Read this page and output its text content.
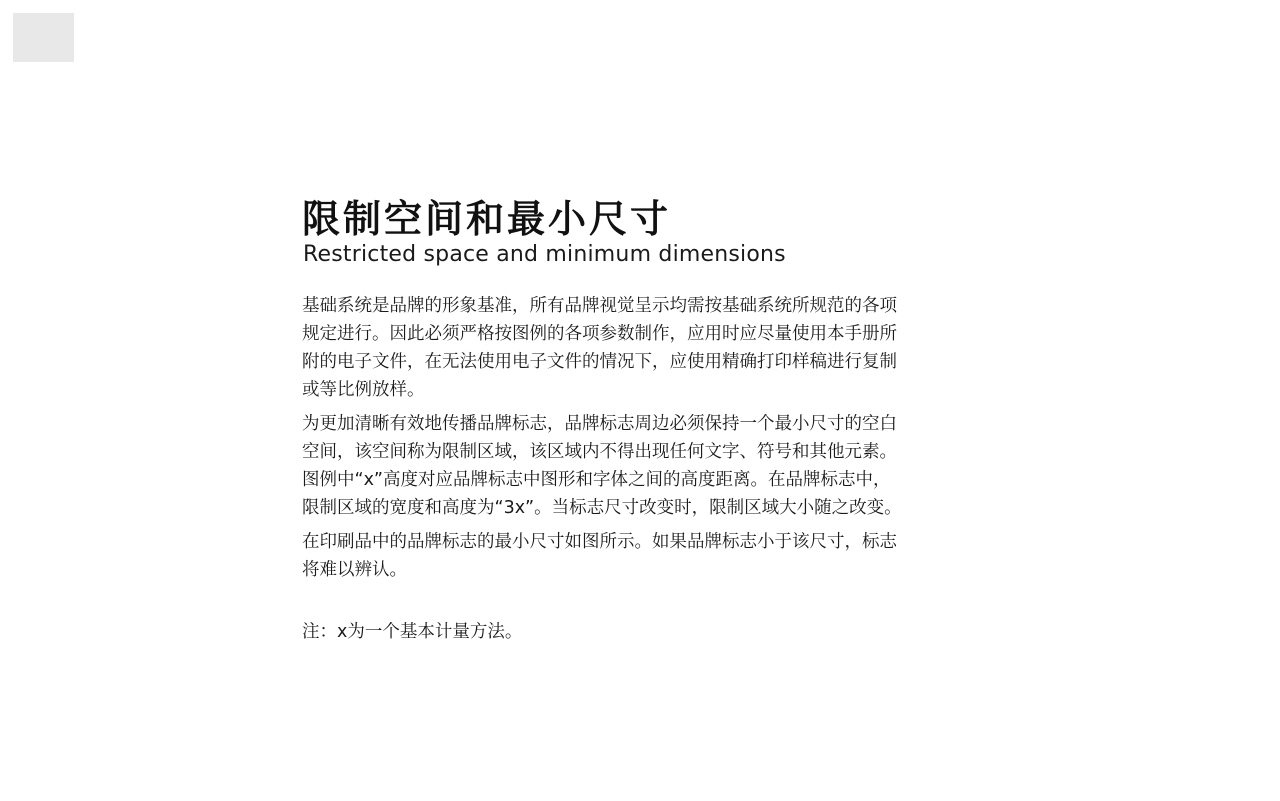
限制空间和最小尺寸
Restricted space and minimum dimensions

基础系统是品牌的形象基准，所有品牌视觉呈示均需按基础系统所规范的各项
规定进行。因此必须严格按图例的各项参数制作，应用时应尽量使用本手册所
附的电子文件，在无法使用电子文件的情况下，应使用精确打印样稿进行复制
或等比例放样。

为更加清晰有效地传播品牌标志，品牌标志周边必须保持一个最小尺寸的空白
空间，该空间称为限制区域，该区域内不得出现任何文字、符号和其他元素。
图例中“x”高度对应品牌标志中图形和字体之间的高度距离。在品牌标志中，
限制区域的宽度和高度为“3x”。当标志尺寸改变时，限制区域大小随之改变。

在印刷品中的品牌标志的最小尺寸如图所示。如果品牌标志小于该尺寸，标志
将难以辨认。

注：x为一个基本计量方法。
